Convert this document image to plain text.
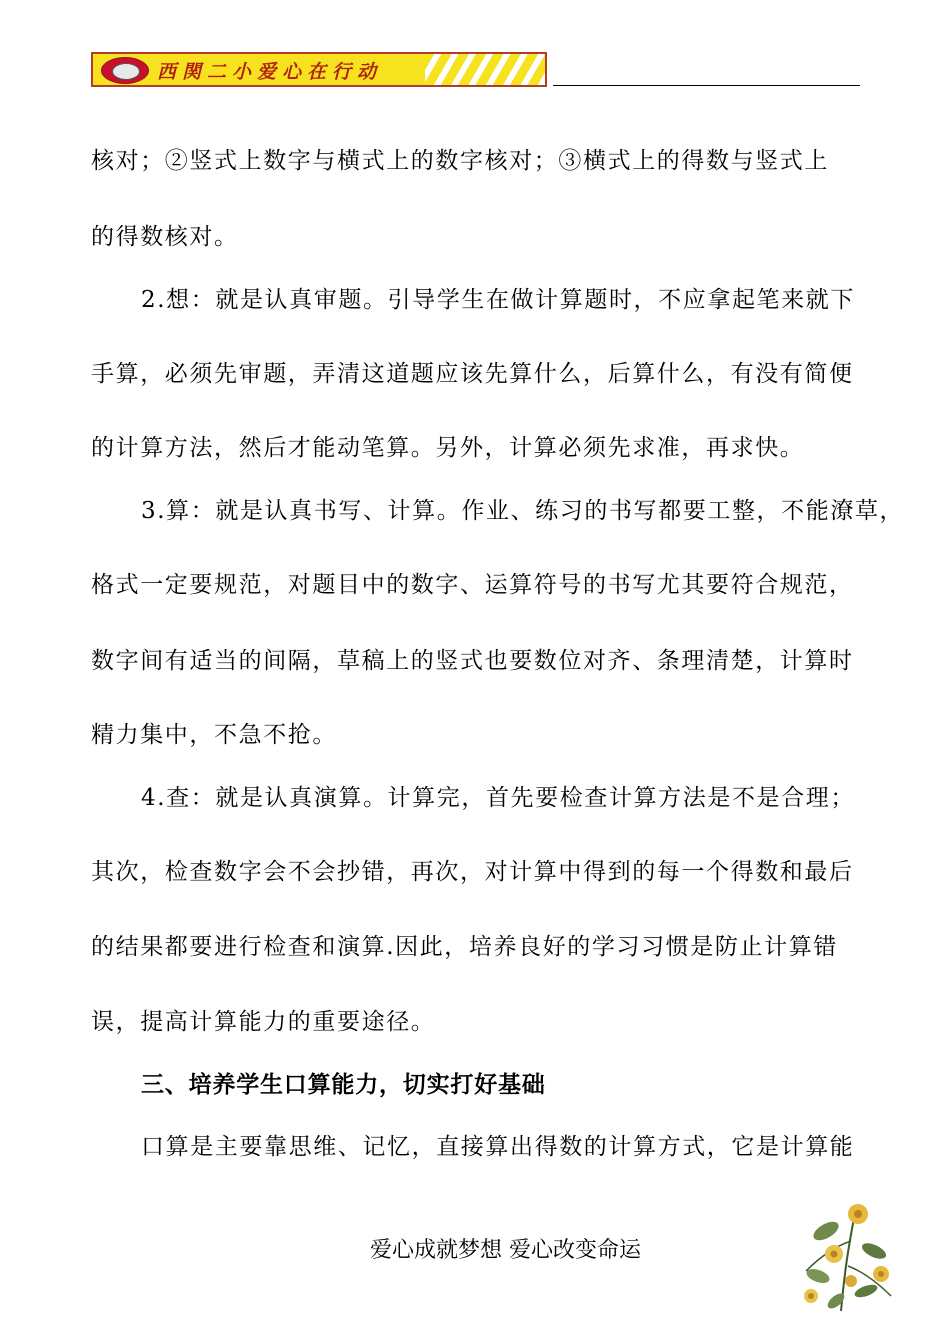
西関二小爱心在行动
核对；②竖式上数字与横式上的数字核对；③横式上的得数与竖式上
的得数核对。
2.想：就是认真审题。引导学生在做计算题时，不应拿起笔来就下
手算，必须先审题，弄清这道题应该先算什么，后算什么，有没有简便
的计算方法，然后才能动笔算。另外，计算必须先求准，再求快。
3.算：就是认真书写、计算。作业、练习的书写都要工整，不能潦草，
格式一定要规范，对题目中的数字、运算符号的书写尤其要符合规范，
数字间有适当的间隔，草稿上的竖式也要数位对齐、条理清楚，计算时
精力集中，不急不抢。
4.查：就是认真演算。计算完，首先要检查计算方法是不是合理；
其次，检查数字会不会抄错，再次，对计算中得到的每一个得数和最后
的结果都要进行检查和演算.因此，培养良好的学习习惯是防止计算错
误，提高计算能力的重要途径。
三、培养学生口算能力，切实打好基础
口算是主要靠思维、记忆，直接算出得数的计算方式，它是计算能
爱心成就梦想 爱心改变命运
